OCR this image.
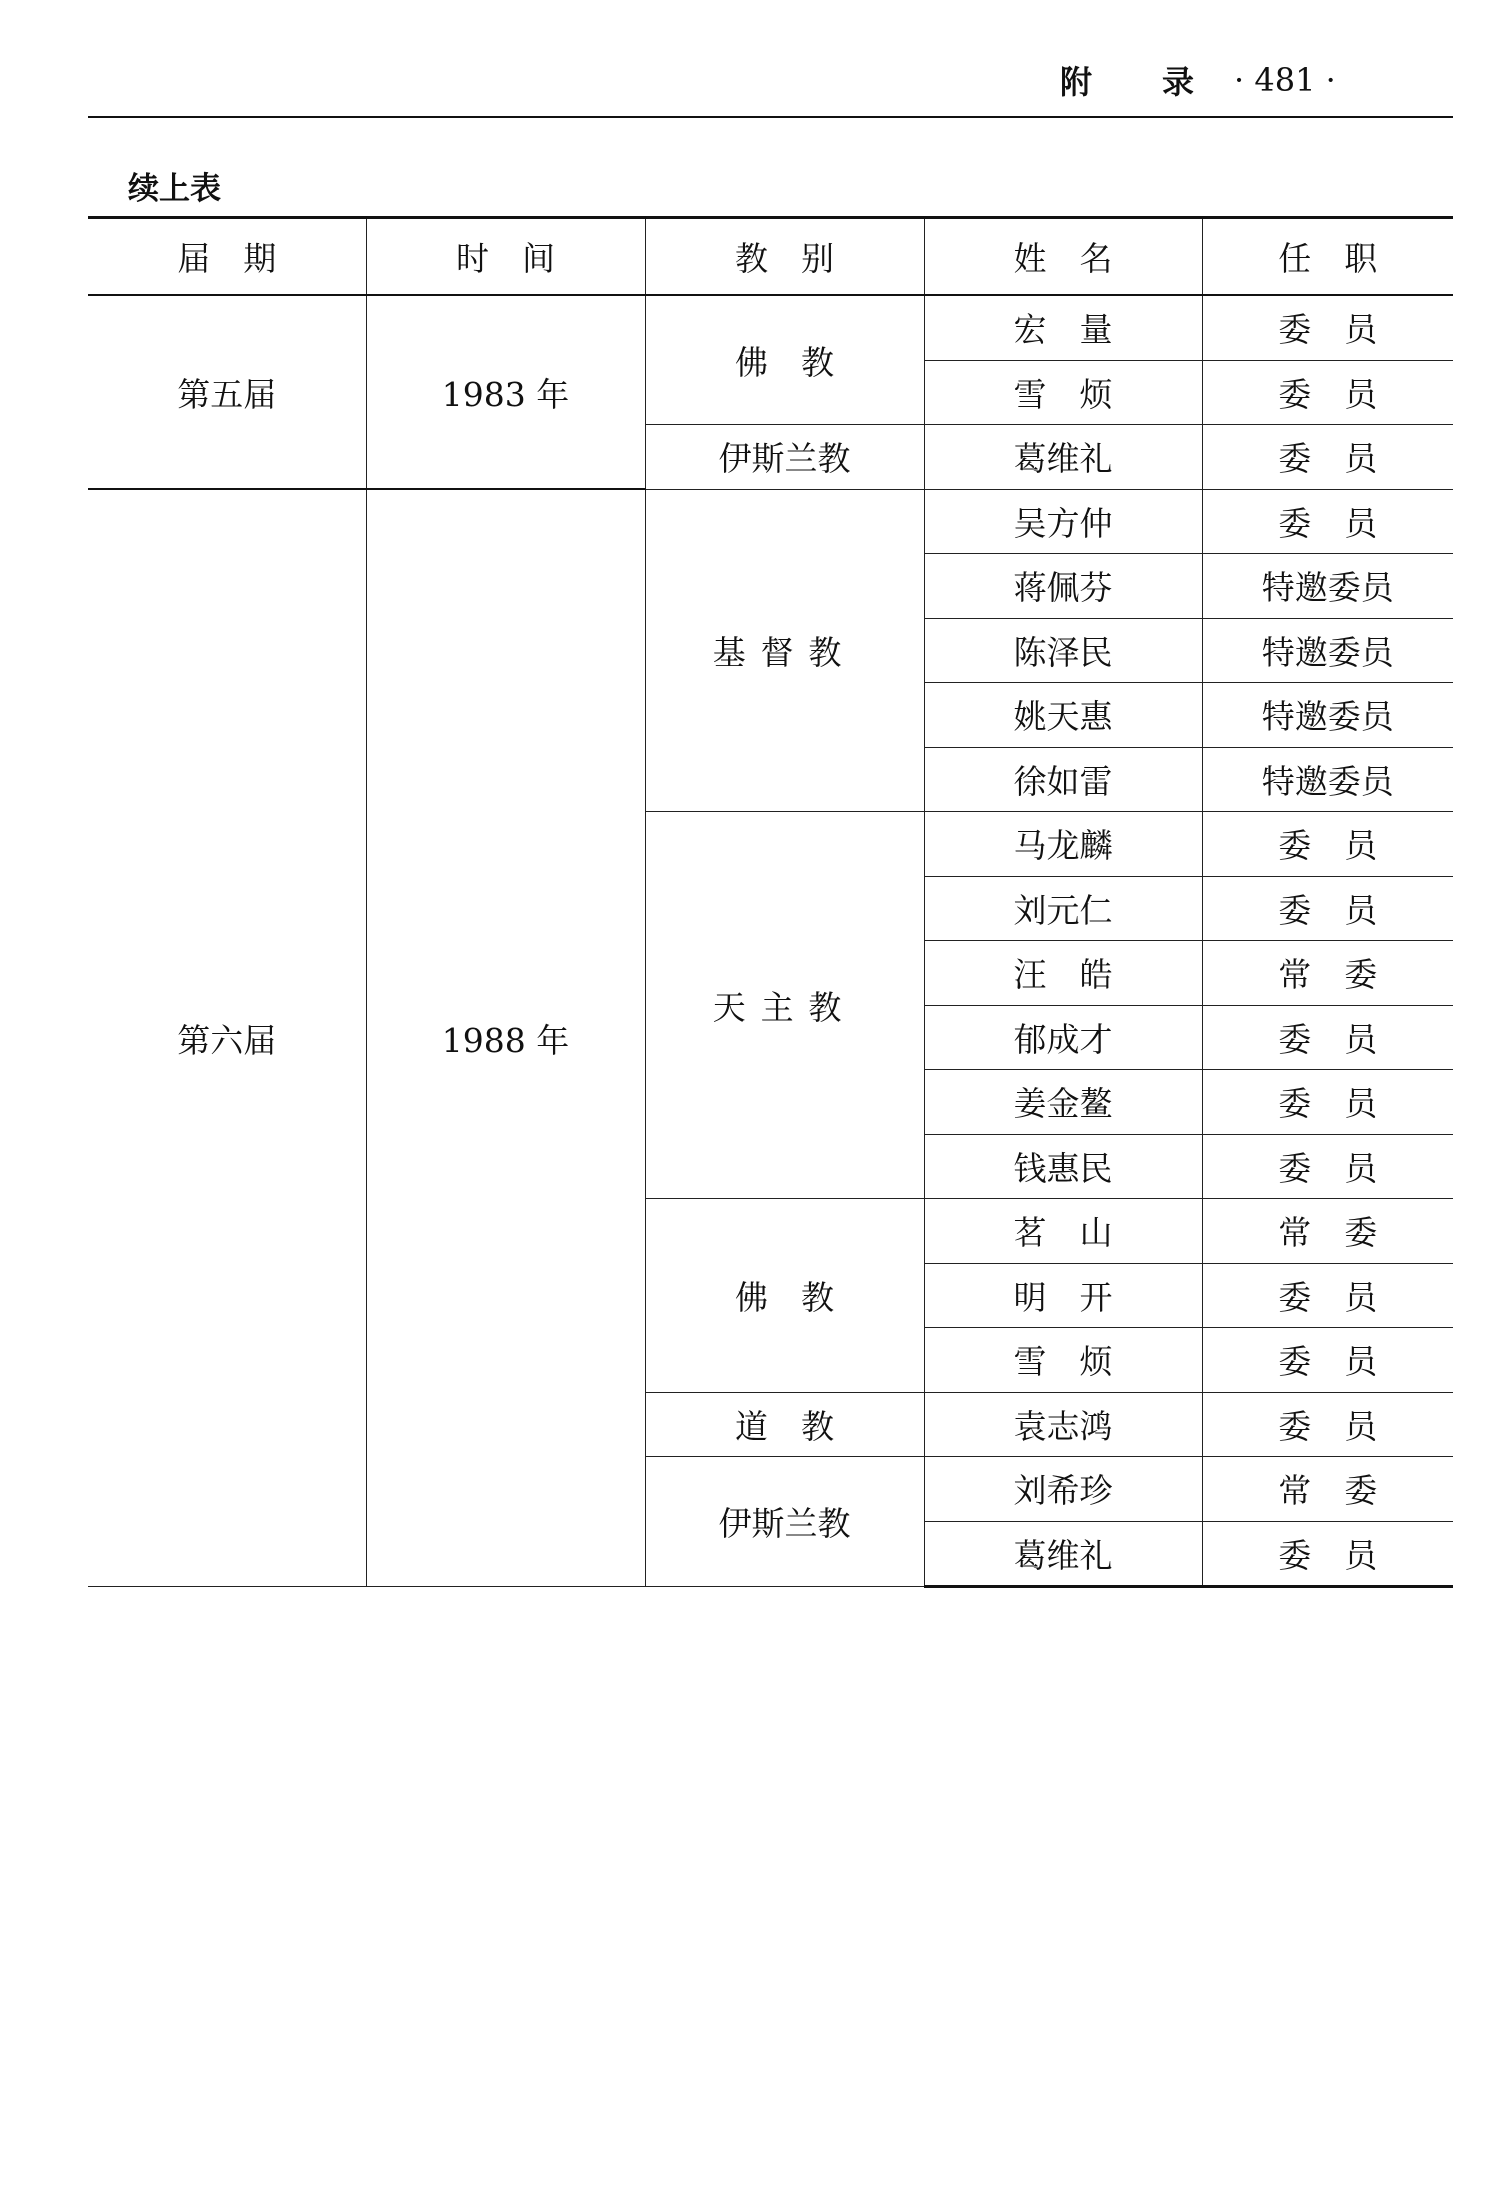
附 录 · 481 ·
续上表
届　期	时　间	教　别	姓　名	任　职
第五届	1983 年	佛　教	宏　量	委　员
			雪　烦	委　员
		伊斯兰教	葛维礼	委　员
第六届	1988 年	基督教	吴方仲	委　员
			蒋佩芬	特邀委员
			陈泽民	特邀委员
			姚天惠	特邀委员
			徐如雷	特邀委员
		天主教	马龙麟	委　员
			刘元仁	委　员
			汪　皓	常　委
			郁成才	委　员
			姜金鳌	委　员
			钱惠民	委　员
		佛　教	茗　山	常　委
			明　开	委　员
			雪　烦	委　员
		道　教	袁志鸿	委　员
		伊斯兰教	刘希珍	常　委
			葛维礼	委　员
